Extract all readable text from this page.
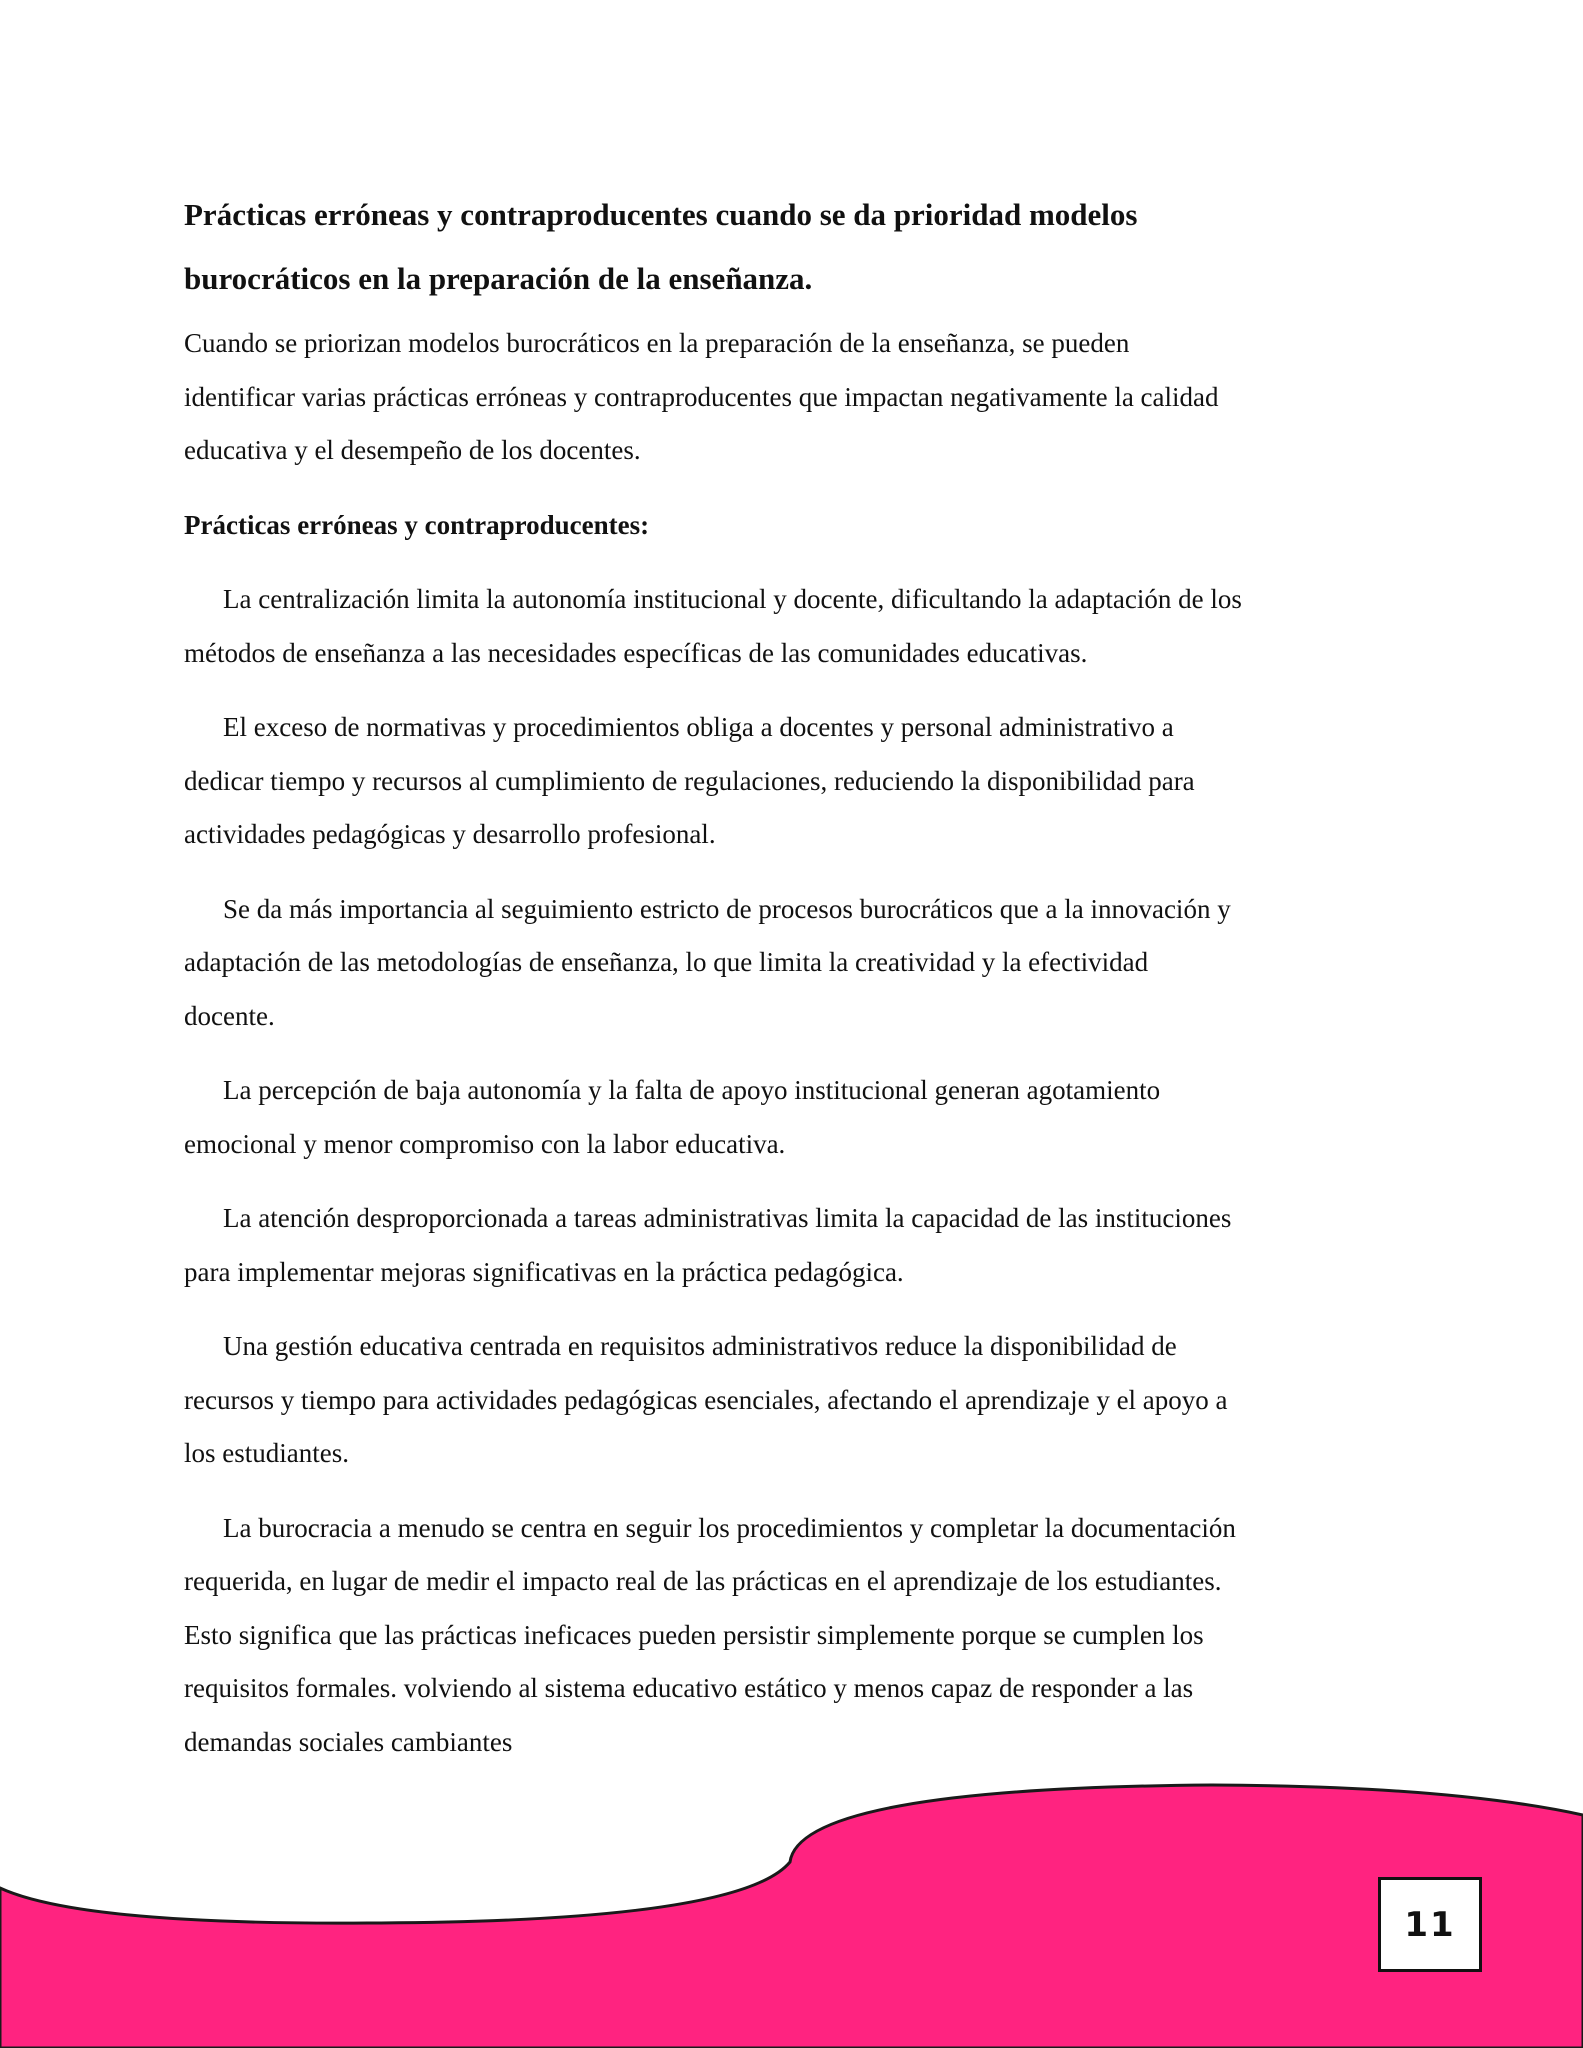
Prácticas erróneas y contraproducentes cuando se da prioridad modelos
burocráticos en la preparación de la enseñanza.
Cuando se priorizan modelos burocráticos en la preparación de la enseñanza, se pueden
identificar varias prácticas erróneas y contraproducentes que impactan negativamente la calidad
educativa y el desempeño de los docentes.
Prácticas erróneas y contraproducentes:
La centralización limita la autonomía institucional y docente, dificultando la adaptación de los
métodos de enseñanza a las necesidades específicas de las comunidades educativas.
El exceso de normativas y procedimientos obliga a docentes y personal administrativo a
dedicar tiempo y recursos al cumplimiento de regulaciones, reduciendo la disponibilidad para
actividades pedagógicas y desarrollo profesional.
Se da más importancia al seguimiento estricto de procesos burocráticos que a la innovación y
adaptación de las metodologías de enseñanza, lo que limita la creatividad y la efectividad
docente.
La percepción de baja autonomía y la falta de apoyo institucional generan agotamiento
emocional y menor compromiso con la labor educativa.
La atención desproporcionada a tareas administrativas limita la capacidad de las instituciones
para implementar mejoras significativas en la práctica pedagógica.
Una gestión educativa centrada en requisitos administrativos reduce la disponibilidad de
recursos y tiempo para actividades pedagógicas esenciales, afectando el aprendizaje y el apoyo a
los estudiantes.
La burocracia a menudo se centra en seguir los procedimientos y completar la documentación
requerida, en lugar de medir el impacto real de las prácticas en el aprendizaje de los estudiantes.
Esto significa que las prácticas ineficaces pueden persistir simplemente porque se cumplen los
requisitos formales. volviendo al sistema educativo estático y menos capaz de responder a las
demandas sociales cambiantes
11
